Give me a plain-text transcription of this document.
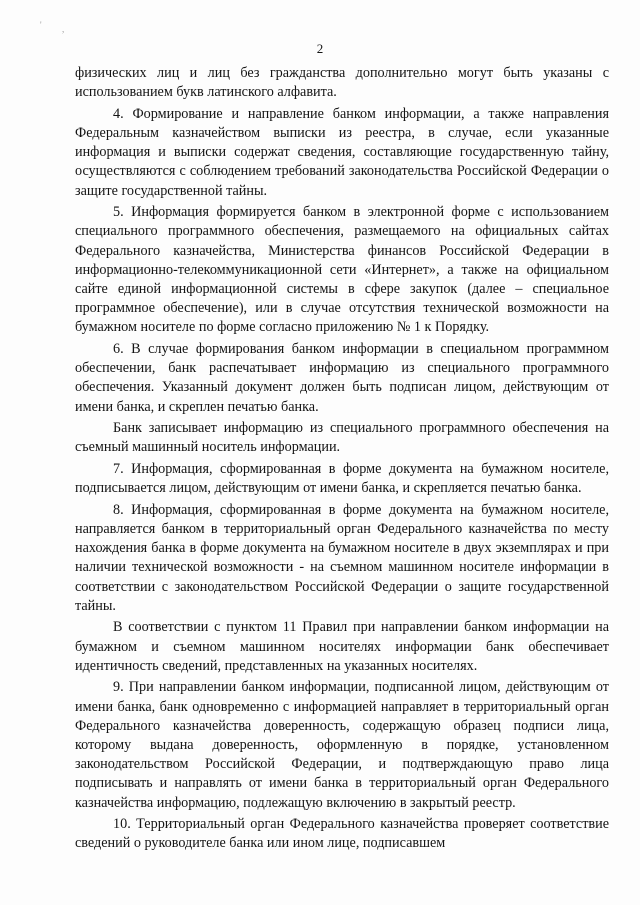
' ,
2

физических лиц и лиц без гражданства дополнительно могут быть указаны с использованием букв латинского алфавита.

4. Формирование и направление банком информации, а также направления Федеральным казначейством выписки из реестра, в случае, если указанные информация и выписки содержат сведения, составляющие государственную тайну, осуществляются с соблюдением требований законодательства Российской Федерации о защите государственной тайны.

5. Информация формируется банком в электронной форме с использованием специального программного обеспечения, размещаемого на официальных сайтах Федерального казначейства, Министерства финансов Российской Федерации в информационно-телекоммуникационной сети «Интернет», а также на официальном сайте единой информационной системы в сфере закупок (далее – специальное программное обеспечение), или в случае отсутствия технической возможности на бумажном носителе по форме согласно приложению № 1 к Порядку.

6. В случае формирования банком информации в специальном программном обеспечении, банк распечатывает информацию из специального программного обеспечения. Указанный документ должен быть подписан лицом, действующим от имени банка, и скреплен печатью банка.

Банк записывает информацию из специального программного обеспечения на съемный машинный носитель информации.

7. Информация, сформированная в форме документа на бумажном носителе, подписывается лицом, действующим от имени банка, и скрепляется печатью банка.

8. Информация, сформированная в форме документа на бумажном носителе, направляется банком в территориальный орган Федерального казначейства по месту нахождения банка в форме документа на бумажном носителе в двух экземплярах и при наличии технической возможности - на съемном машинном носителе информации в соответствии с законодательством Российской Федерации о защите государственной тайны.

В соответствии с пунктом 11 Правил при направлении банком информации на бумажном и съемном машинном носителях информации банк обеспечивает идентичность сведений, представленных на указанных носителях.

9. При направлении банком информации, подписанной лицом, действующим от имени банка, банк одновременно с информацией направляет в территориальный орган Федерального казначейства доверенность, содержащую образец подписи лица, которому выдана доверенность, оформленную в порядке, установленном законодательством Российской Федерации, и подтверждающую право лица подписывать и направлять от имени банка в территориальный орган Федерального казначейства информацию, подлежащую включению в закрытый реестр.

10. Территориальный орган Федерального казначейства проверяет соответствие сведений о руководителе банка или ином лице, подписавшем
